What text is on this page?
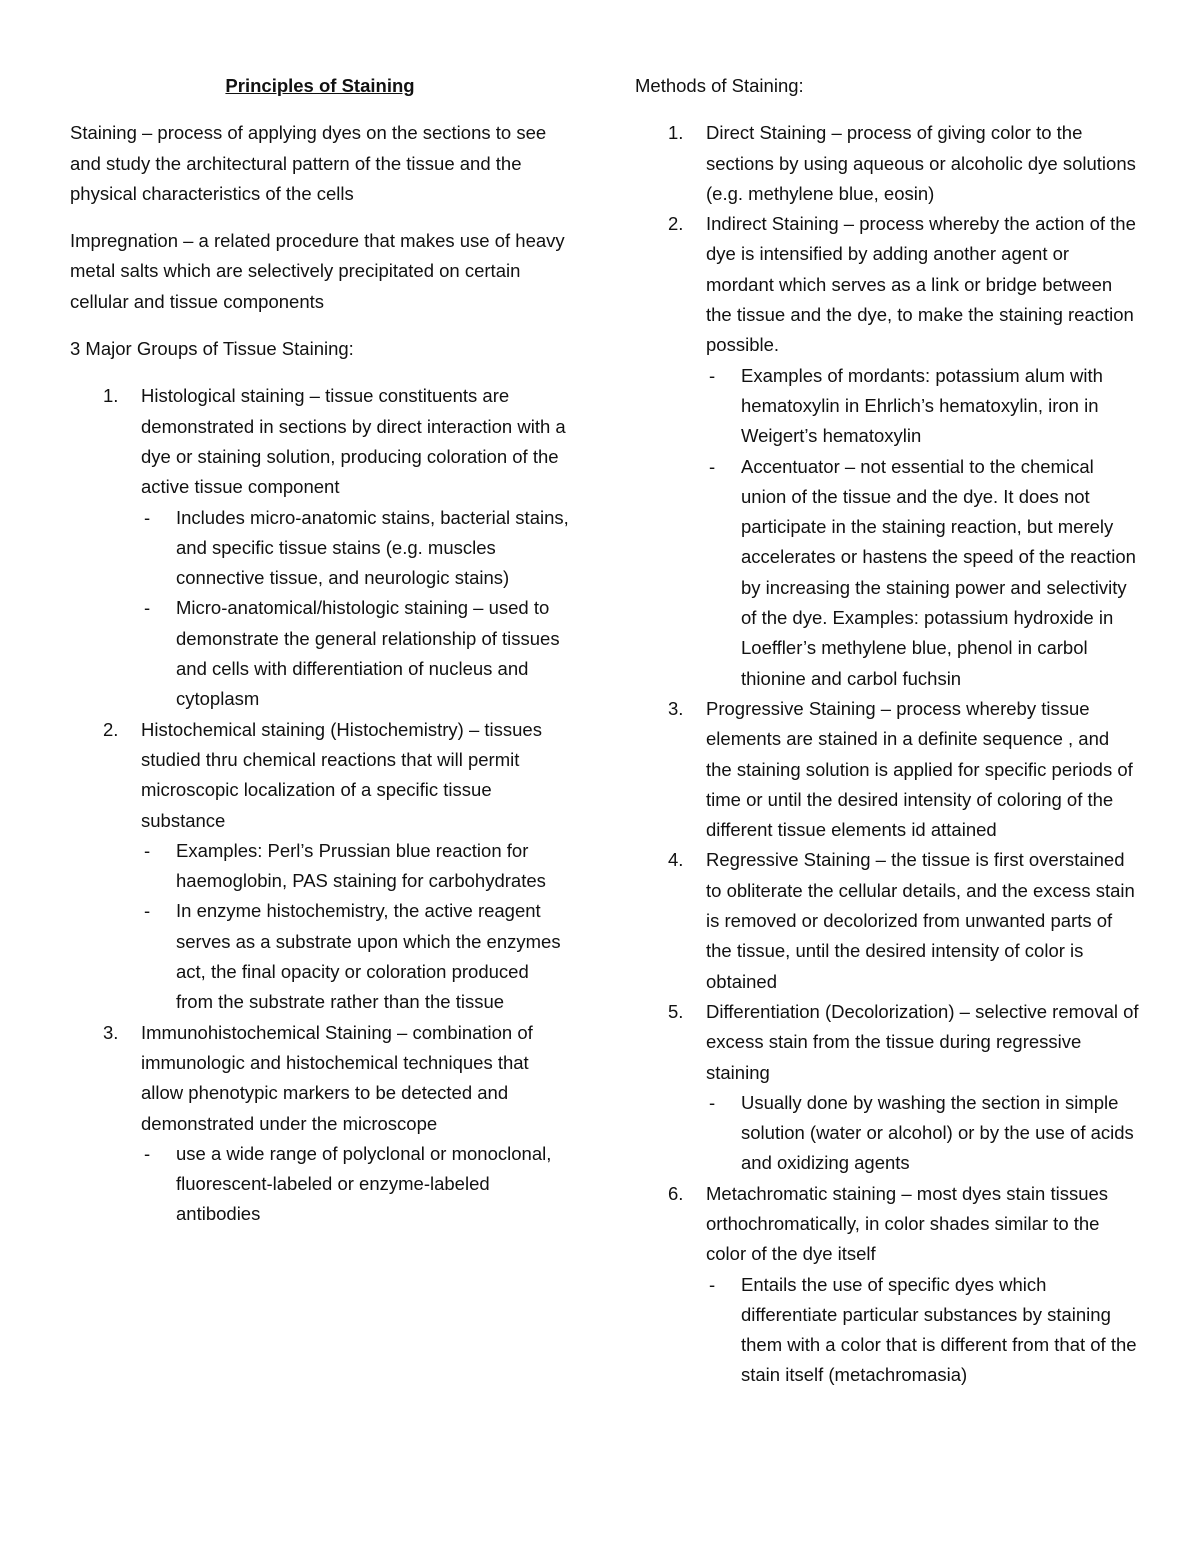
Principles of Staining

Staining – process of applying dyes on the sections to see and study the architectural pattern of the tissue and the physical characteristics of the cells

Impregnation – a related procedure that makes use of heavy metal salts which are selectively precipitated on certain cellular and tissue components

3 Major Groups of Tissue Staining:
1. Histological staining – tissue constituents are demonstrated in sections by direct interaction with a dye or staining solution, producing coloration of the active tissue component
- Includes micro-anatomic stains, bacterial stains, and specific tissue stains (e.g. muscles connective tissue, and neurologic stains)
- Micro-anatomical/histologic staining – used to demonstrate the general relationship of tissues and cells with differentiation of nucleus and cytoplasm
2. Histochemical staining (Histochemistry) – tissues studied thru chemical reactions that will permit microscopic localization of a specific tissue substance
- Examples: Perl’s Prussian blue reaction for haemoglobin, PAS staining for carbohydrates
- In enzyme histochemistry, the active reagent serves as a substrate upon which the enzymes act, the final opacity or coloration produced from the substrate rather than the tissue
3. Immunohistochemical Staining – combination of immunologic and histochemical techniques that allow phenotypic markers to be detected and demonstrated under the microscope
- use a wide range of polyclonal or monoclonal, fluorescent-labeled or enzyme-labeled antibodies
Methods of Staining:
1. Direct Staining – process of giving color to the sections by using aqueous or alcoholic dye solutions (e.g. methylene blue, eosin)
2. Indirect Staining – process whereby the action of the dye is intensified by adding another agent or mordant which serves as a link or bridge between the tissue and the dye, to make the staining reaction possible.
- Examples of mordants: potassium alum with hematoxylin in Ehrlich’s hematoxylin, iron in Weigert’s hematoxylin
- Accentuator – not essential to the chemical union of the tissue and the dye. It does not participate in the staining reaction, but merely accelerates or hastens the speed of the reaction by increasing the staining power and selectivity of the dye. Examples: potassium hydroxide in Loeffler’s methylene blue, phenol in carbol thionine and carbol fuchsin
3. Progressive Staining – process whereby tissue elements are stained in a definite sequence , and the staining solution is applied for specific periods of time or until the desired intensity of coloring of the different tissue elements id attained
4. Regressive Staining – the tissue is first overstained to obliterate the cellular details, and the excess stain is removed or decolorized from unwanted parts of the tissue, until the desired intensity of color is obtained
5. Differentiation (Decolorization) – selective removal of excess stain from the tissue during regressive staining
- Usually done by washing the section in simple solution (water or alcohol) or by the use of acids and oxidizing agents
6. Metachromatic staining – most dyes stain tissues orthochromatically, in color shades similar to the color of the dye itself
- Entails the use of specific dyes which differentiate particular substances by staining them with a color that is different from that of the stain itself (metachromasia)
